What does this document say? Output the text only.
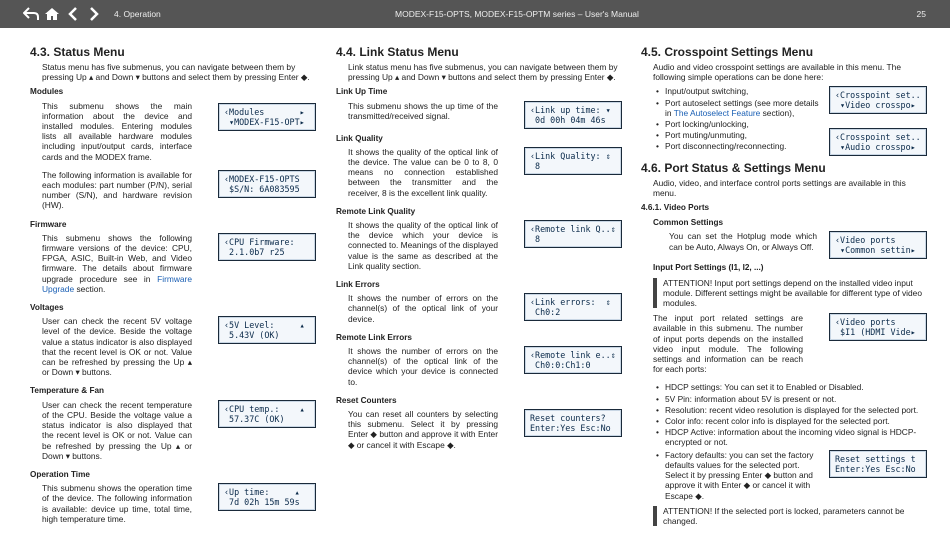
4. Operation	MODEX-F15-OPTS, MODEX-F15-OPTM series – User's Manual	25
4.3. Status Menu

Status menu has five submenus, you can navigate between them by pressing Up ▴ and Down ▾ buttons and select them by pressing Enter ◆.

Modules

This submenu shows the main information about the device and installed modules. Entering modules lists all available hardware modules including input/output cards, interface cards and the MODEX frame.

‹Modules       ▸
▾MODEX-F15-OPT▸

The following information is available for each modules: part number (P/N), serial number (S/N), and hardware revision (HW).

‹MODEX-F15-OPTS
$S/N: 6A083595
Firmware

This submenu shows the following firmware versions of the device: CPU, FPGA, ASIC, Built-in Web, and Video firmware. The details about firmware upgrade procedure see in Firmware Upgrade section.

‹CPU Firmware:
2.1.0b7 r25
Voltages

User can check the recent 5V voltage level of the device. Beside the voltage value a status indicator is also displayed that the recent level is OK or not. Value can be refreshed by pressing the Up ▴ or Down ▾ buttons.

‹5V Level:     ▴
5.43V (OK)
Temperature & Fan

User can check the recent temperature of the CPU. Beside the voltage value a status indicator is also displayed that the recent level is OK or not. Value can be refreshed by pressing the Up ▴ or Down ▾ buttons.

‹CPU temp.:    ▴
57.37C (OK)
Operation Time

This submenu shows the operation time of the device. The following information is available: device up time, total time, high temperature time.

‹Up time:     ▴
7d 02h 15m 59s
4.4. Link Status Menu

Link status menu has five submenus, you can navigate between them by pressing Up ▴ and Down ▾ buttons and select them by pressing Enter ◆.

Link Up Time

This submenu shows the up time of the transmitted/received signal.

‹Link up time: ▾
0d 00h 04m 46s
Link Quality

It shows the quality of the optical link of the device. The value can be 0 to 8, 0 means no connection established between the transmitter and the receiver, 8 is the excellent link quality.

‹Link Quality: ⇕
8
Remote Link Quality

It shows the quality of the optical link of the device which your device is connected to. Meanings of the displayed value is the same as described at the Link quality section.

‹Remote link Q..⇕
8
Link Errors

It shows the number of errors on the channel(s) of the optical link of your device.

‹Link errors:  ⇕
Ch0:2
Remote Link Errors

It shows the number of errors on the channel(s) of the optical link of the device which your device is connected to.

‹Remote link e..⇕
Ch0:0:Ch1:0
Reset Counters

You can reset all counters by selecting this submenu. Select it by pressing Enter ◆ button and approve it with Enter ◆ or cancel it with Escape ◆.

Reset counters?
Enter:Yes Esc:No
4.5. Crosspoint Settings Menu

Audio and video crosspoint settings are available in this menu. The following simple operations can be done here:

• Input/output switching,
• Port autoselect settings (see more details in The Autoselect Feature section),
• Port locking/unlocking,
• Port muting/unmuting,
• Port disconnecting/reconnecting.
‹Crosspoint set..
▾Video crosspo▸
‹Crosspoint set..
▾Audio crosspo▸
4.6. Port Status & Settings Menu

Audio, video, and interface control ports settings are available in this menu.

4.6.1. Video Ports
Common Settings

You can set the Hotplug mode which can be Auto, Always On, or Always Off.

‹Video ports
▾Common settin▸
Input Port Settings (I1, I2, ...)
ATTENTION! Input port settings depend on the installed video input module. Different settings might be available for different type of video modules.

The input port related settings are available in this submenu. The number of input ports depends on the installed video input module. The following settings and information can be reach for each ports:

‹Video ports
$I1 (HDMI Vide▸
• HDCP settings: You can set it to Enabled or Disabled.
• 5V Pin: information about 5V is present or not.
• Resolution: recent video resolution is displayed for the selected port.
• Color info: recent color info is displayed for the selected port.
• HDCP Active: information about the incoming video signal is HDCP-encrypted or not.
• Factory defaults: you can set the factory defaults values for the selected port. Select it by pressing Enter ◆ button and approve it with Enter ◆ or cancel it with Escape ◆.
Reset settings t
Enter:Yes Esc:No
ATTENTION! If the selected port is locked, parameters cannot be changed.
